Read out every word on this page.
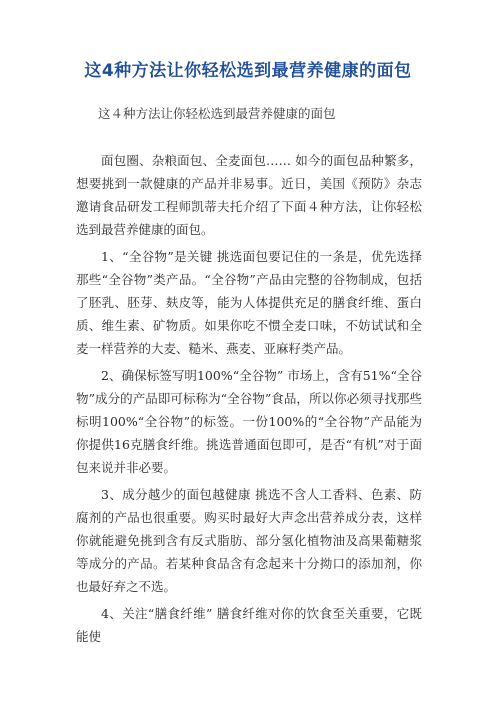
这4种方法让你轻松选到最营养健康的面包
这４种方法让你轻松选到最营养健康的面包

面包圈、杂粮面包、全麦面包…… 如今的面包品种繁多，想要挑到一款健康的产品并非易事。近日，美国《预防》杂志邀请食品研发工程师凯蒂夫托介绍了下面４种方法，让你轻松选到最营养健康的面包。

1、“全谷物”是关键 挑选面包要记住的一条是，优先选择那些“全谷物”类产品。“全谷物”产品由完整的谷物制成，包括了胚乳、胚芽、麸皮等，能为人体提供充足的膳食纤维、蛋白质、维生素、矿物质。如果你吃不惯全麦口味，不妨试试和全麦一样营养的大麦、糙米、燕麦、亚麻籽类产品。

2、确保标签写明100%“全谷物” 市场上，含有51%“全谷物”成分的产品即可标称为“全谷物”食品，所以你必须寻找那些标明100%“全谷物”的标签。一份100%的“全谷物”产品能为你提供16克膳食纤维。挑选普通面包即可，是否“有机”对于面包来说并非必要。

3、成分越少的面包越健康 挑选不含人工香料、色素、防腐剂的产品也很重要。购买时最好大声念出营养成分表，这样你就能避免挑到含有反式脂肪、部分氢化植物油及高果葡糖浆等成分的产品。若某种食品含有念起来十分拗口的添加剂，你也最好弃之不选。

4、关注“膳食纤维” 膳食纤维对你的饮食至关重要，它既能使
